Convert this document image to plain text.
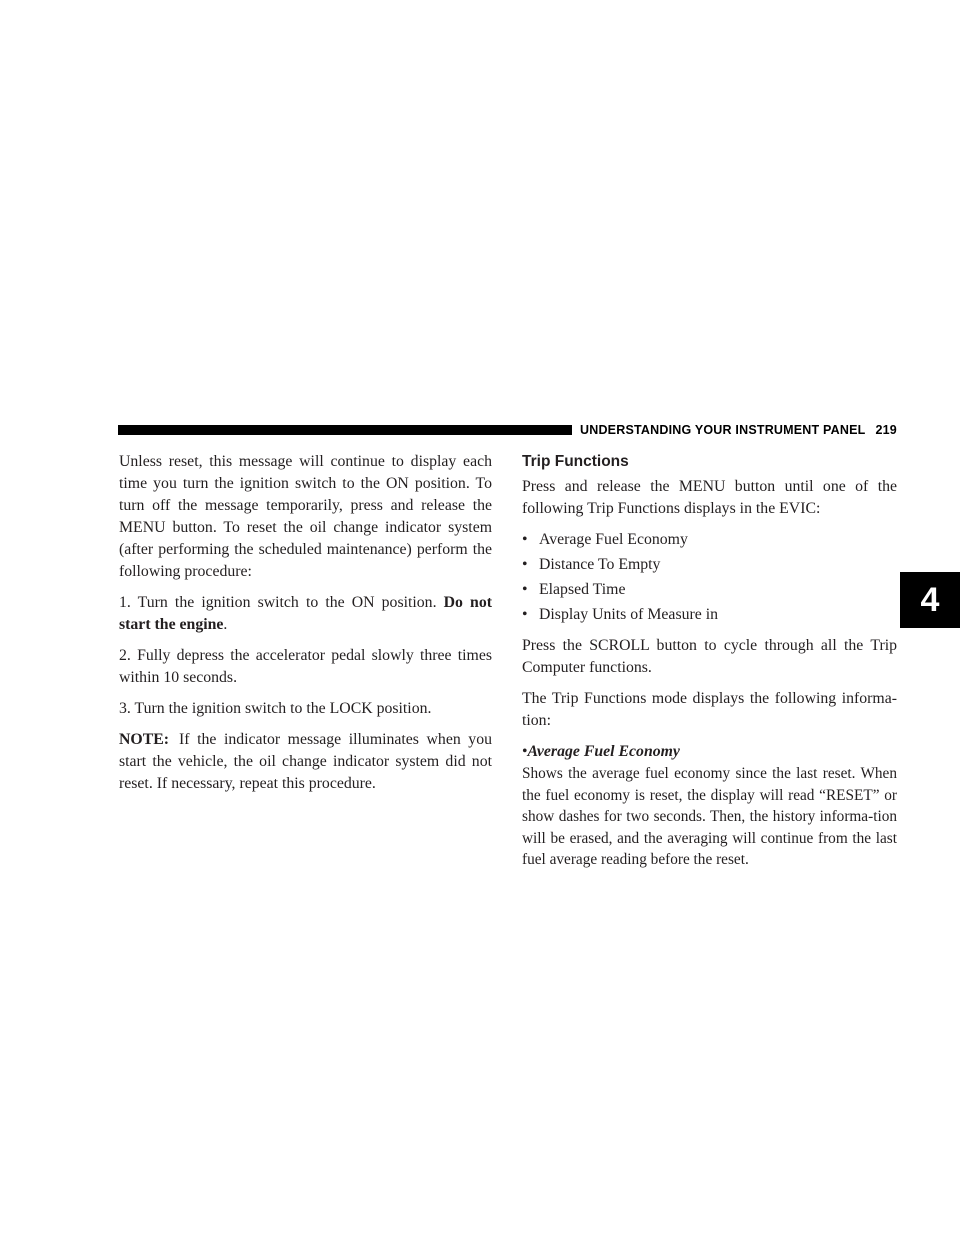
UNDERSTANDING YOUR INSTRUMENT PANEL 219
4

Unless reset, this message will continue to display each time you turn the ignition switch to the ON position. To turn off the message temporarily, press and release the MENU button. To reset the oil change indicator system (after performing the scheduled maintenance) perform the following procedure:

1. Turn the ignition switch to the ON position. Do not start the engine.

2. Fully depress the accelerator pedal slowly three times within 10 seconds.

3. Turn the ignition switch to the LOCK position.

NOTE: If the indicator message illuminates when you start the vehicle, the oil change indicator system did not reset. If necessary, repeat this procedure.

Trip Functions

Press and release the MENU button until one of the following Trip Functions displays in the EVIC:

• Average Fuel Economy
• Distance To Empty
• Elapsed Time
• Display Units of Measure in

Press the SCROLL button to cycle through all the Trip Computer functions.

The Trip Functions mode displays the following informa-tion:

•Average Fuel Economy

Shows the average fuel economy since the last reset. When the fuel economy is reset, the display will read “RESET” or show dashes for two seconds. Then, the history informa-tion will be erased, and the averaging will continue from the last fuel average reading before the reset.
